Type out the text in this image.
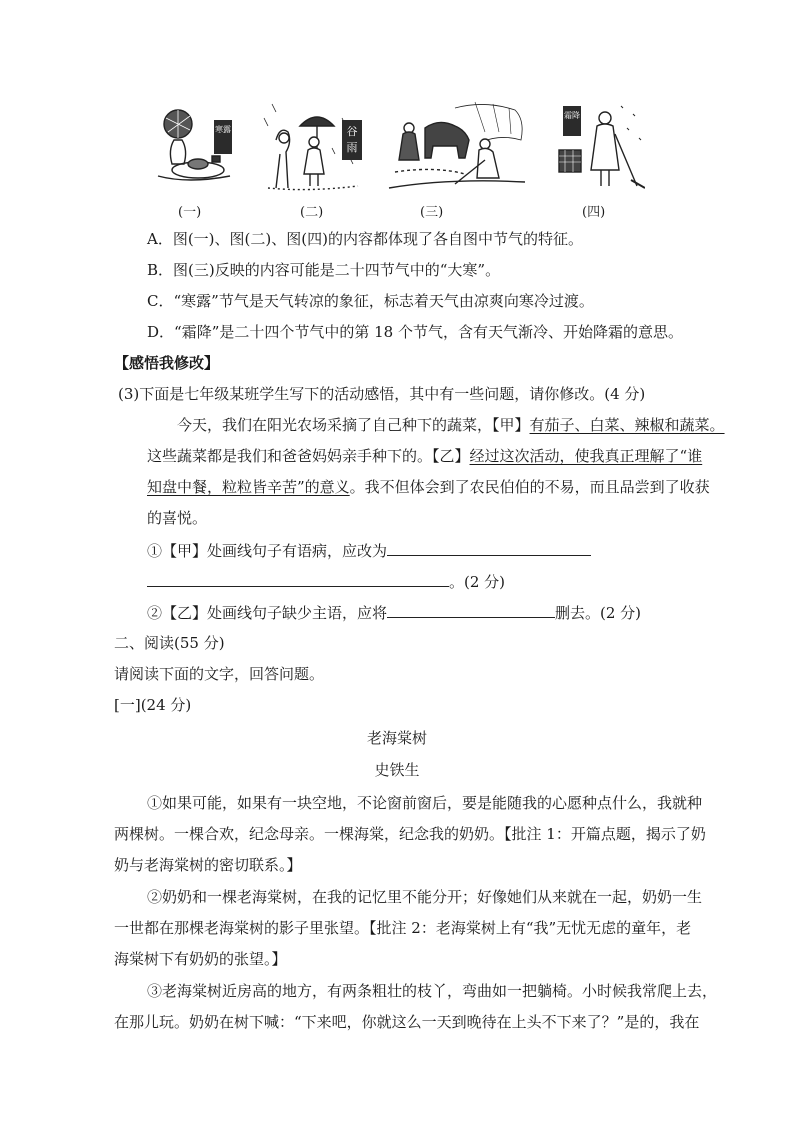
寒露	谷雨
霜降
(一)	(二)	(三)	(四)
A．图(一)、图(二)、图(四)的内容都体现了各自图中节气的特征。
B．图(三)反映的内容可能是二十四节气中的“大寒”。
C．“寒露”节气是天气转凉的象征，标志着天气由凉爽向寒冷过渡。
D．“霜降”是二十四个节气中的第 18 个节气，含有天气渐冷、开始降霜的意思。
【感悟我修改】
(3)下面是七年级某班学生写下的活动感悟，其中有一些问题，请你修改。(4 分)
今天，我们在阳光农场采摘了自己种下的蔬菜，【甲】有茄子、白菜、辣椒和蔬菜。
这些蔬菜都是我们和爸爸妈妈亲手种下的。【乙】经过这次活动，使我真正理解了“谁
知盘中餐，粒粒皆辛苦”的意义。我不但体会到了农民伯伯的不易，而且品尝到了收获
的喜悦。
①【甲】处画线句子有语病，应改为
。(2 分)
②【乙】处画线句子缺少主语，应将	删去。(2 分)
二、阅读(55 分)
请阅读下面的文字，回答问题。
[一](24 分)
老海棠树
史铁生
①如果可能，如果有一块空地，不论窗前窗后，要是能随我的心愿种点什么，我就种
两棵树。一棵合欢，纪念母亲。一棵海棠，纪念我的奶奶。【批注 1：开篇点题，揭示了奶
奶与老海棠树的密切联系。】
②奶奶和一棵老海棠树，在我的记忆里不能分开；好像她们从来就在一起，奶奶一生
一世都在那棵老海棠树的影子里张望。【批注 2：老海棠树上有“我”无忧无虑的童年，老
海棠树下有奶奶的张望。】
③老海棠树近房高的地方，有两条粗壮的枝丫，弯曲如一把躺椅。小时候我常爬上去，
在那儿玩。奶奶在树下喊：“下来吧，你就这么一天到晚待在上头不下来了？”是的，我在
